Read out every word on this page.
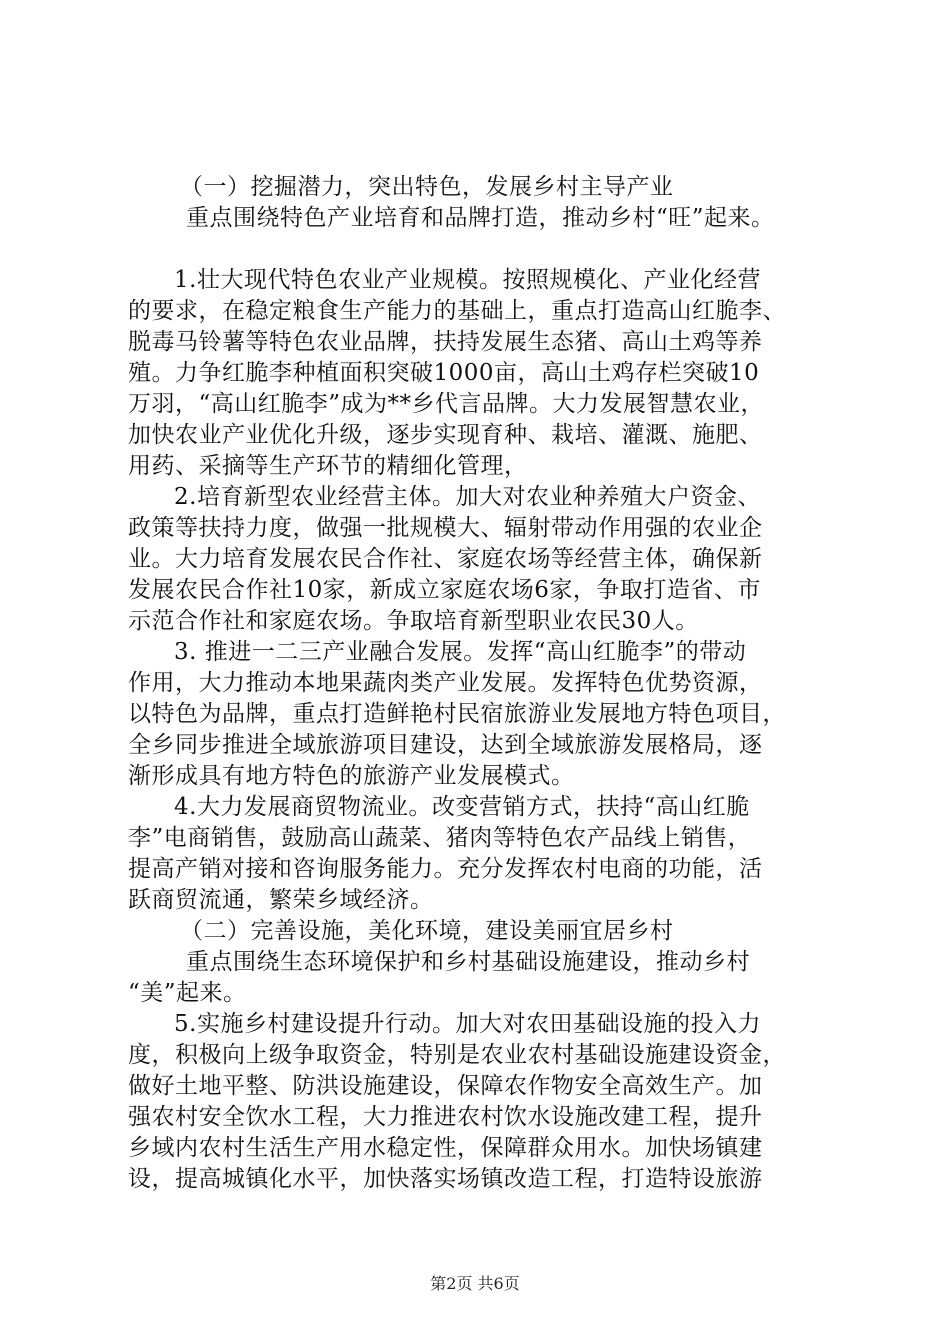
（一）挖掘潜力，突出特色，发展乡村主导产业
重点围绕特色产业培育和品牌打造，推动乡村“旺”起来。
1.壮大现代特色农业产业规模。按照规模化、产业化经营
的要求，在稳定粮食生产能力的基础上，重点打造高山红脆李、
脱毒马铃薯等特色农业品牌，扶持发展生态猪、高山土鸡等养
殖。力争红脆李种植面积突破1000亩，高山土鸡存栏突破10
万羽，“高山红脆李”成为**乡代言品牌。大力发展智慧农业，
加快农业产业优化升级，逐步实现育种、栽培、灌溉、施肥、
用药、采摘等生产环节的精细化管理，
2.培育新型农业经营主体。加大对农业种养殖大户资金、
政策等扶持力度，做强一批规模大、辐射带动作用强的农业企
业。大力培育发展农民合作社、家庭农场等经营主体，确保新
发展农民合作社10家，新成立家庭农场6家，争取打造省、市
示范合作社和家庭农场。争取培育新型职业农民30人。
3. 推进一二三产业融合发展。发挥“高山红脆李”的带动
作用，大力推动本地果蔬肉类产业发展。发挥特色优势资源，
以特色为品牌，重点打造鲜艳村民宿旅游业发展地方特色项目，
全乡同步推进全域旅游项目建设，达到全域旅游发展格局，逐
渐形成具有地方特色的旅游产业发展模式。
4.大力发展商贸物流业。改变营销方式，扶持“高山红脆
李”电商销售，鼓励高山蔬菜、猪肉等特色农产品线上销售，
提高产销对接和咨询服务能力。充分发挥农村电商的功能，活
跃商贸流通，繁荣乡域经济。
（二）完善设施，美化环境，建设美丽宜居乡村
重点围绕生态环境保护和乡村基础设施建设，推动乡村
“美”起来。
5.实施乡村建设提升行动。加大对农田基础设施的投入力
度，积极向上级争取资金，特别是农业农村基础设施建设资金，
做好土地平整、防洪设施建设，保障农作物安全高效生产。加
强农村安全饮水工程，大力推进农村饮水设施改建工程，提升
乡域内农村生活生产用水稳定性，保障群众用水。加快场镇建
设，提高城镇化水平，加快落实场镇改造工程，打造特设旅游
第2页 共6页
